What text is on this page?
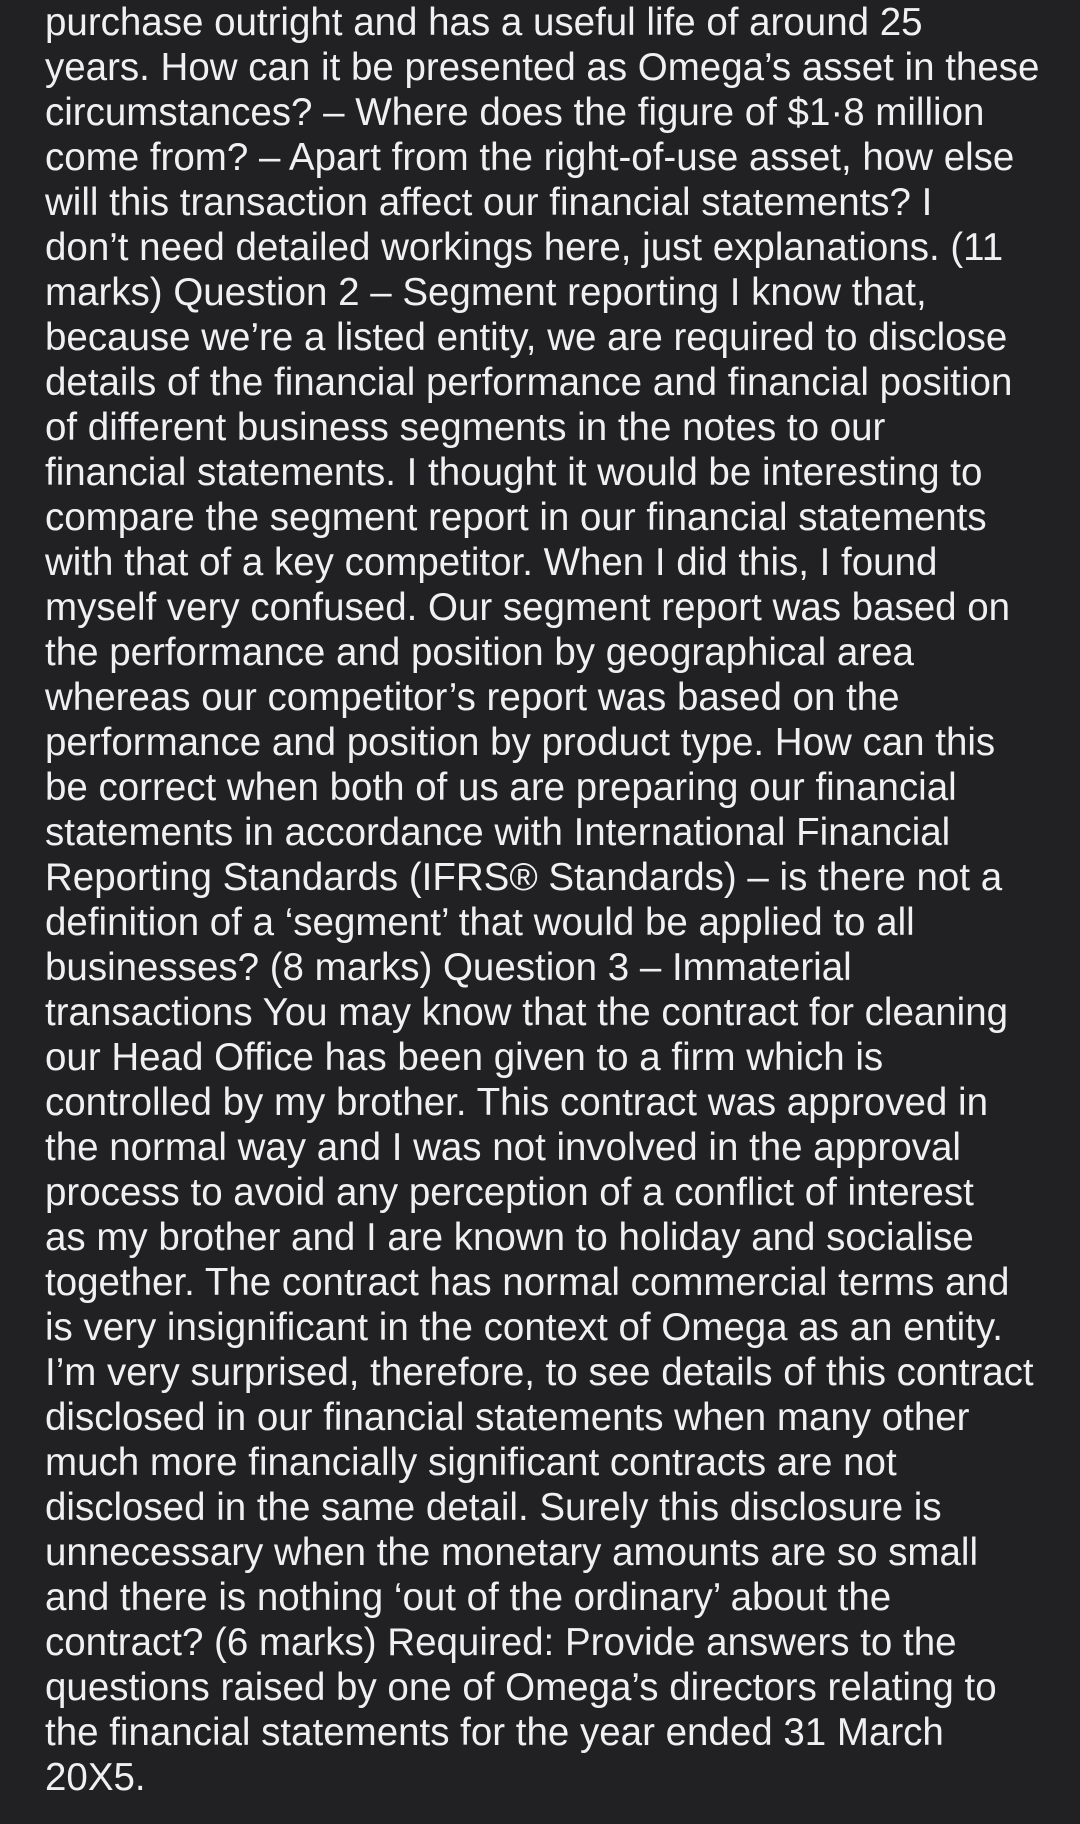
purchase outright and has a useful life of around 25
years. How can it be presented as Omega’s asset in these
circumstances? – Where does the figure of $1·8 million
come from? – Apart from the right-of-use asset, how else
will this transaction affect our financial statements? I
don’t need detailed workings here, just explanations. (11
marks) Question 2 – Segment reporting I know that,
because we’re a listed entity, we are required to disclose
details of the financial performance and financial position
of different business segments in the notes to our
financial statements. I thought it would be interesting to
compare the segment report in our financial statements
with that of a key competitor. When I did this, I found
myself very confused. Our segment report was based on
the performance and position by geographical area
whereas our competitor’s report was based on the
performance and position by product type. How can this
be correct when both of us are preparing our financial
statements in accordance with International Financial
Reporting Standards (IFRS® Standards) – is there not a
definition of a ‘segment’ that would be applied to all
businesses? (8 marks) Question 3 – Immaterial
transactions You may know that the contract for cleaning
our Head Office has been given to a firm which is
controlled by my brother. This contract was approved in
the normal way and I was not involved in the approval
process to avoid any perception of a conflict of interest
as my brother and I are known to holiday and socialise
together. The contract has normal commercial terms and
is very insignificant in the context of Omega as an entity.
I’m very surprised, therefore, to see details of this contract
disclosed in our financial statements when many other
much more financially significant contracts are not
disclosed in the same detail. Surely this disclosure is
unnecessary when the monetary amounts are so small
and there is nothing ‘out of the ordinary’ about the
contract? (6 marks) Required: Provide answers to the
questions raised by one of Omega’s directors relating to
the financial statements for the year ended 31 March
20X5.
